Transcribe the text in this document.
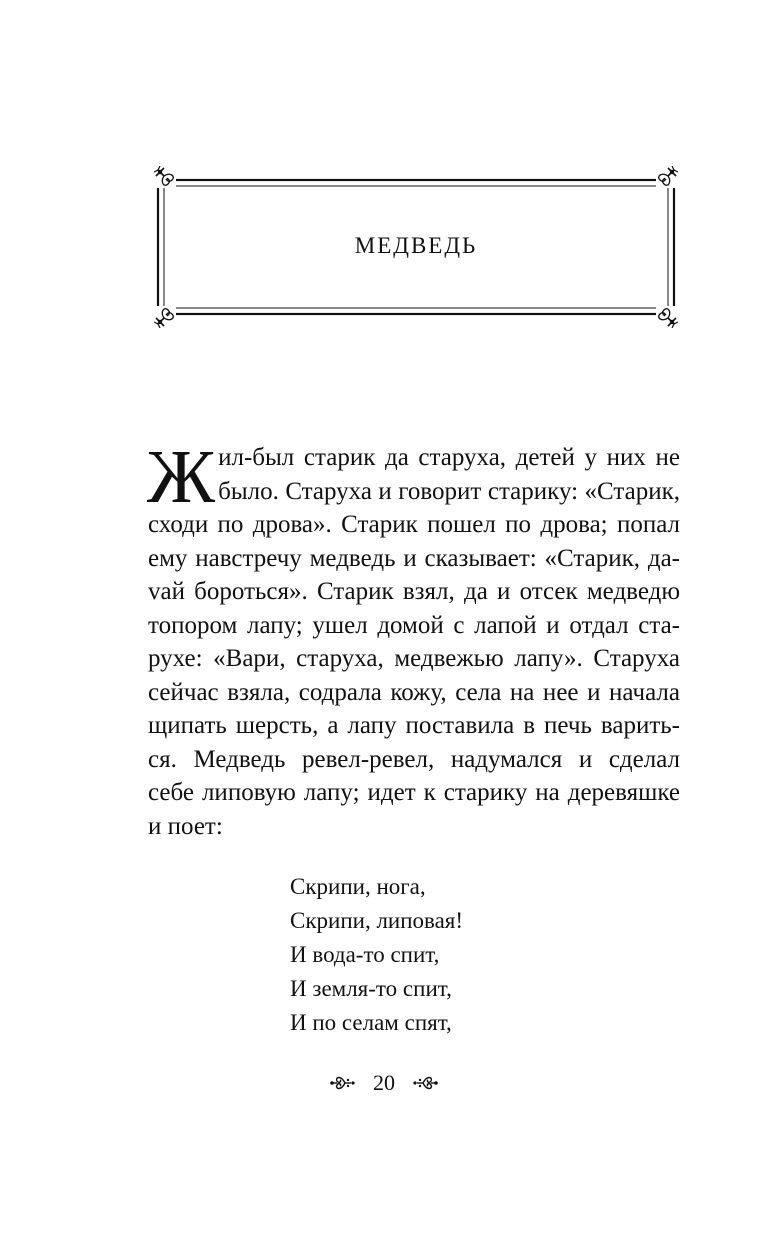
МЕДВЕДЬ

Жил-был старик да старуха, детей у них не было. Старуха и говорит старику: «Старик, сходи по дрова». Старик пошел по дрова; попал ему навстречу медведь и сказывает: «Старик, даvай бороться». Старик взял, да и отсек медведю топором лапу; ушел домой с лапой и отдал старухе: «Вари, старуха, медвежью лапу». Старуха сейчас взяла, содрала кожу, села на нее и начала щипать шерсть, а лапу поставила в печь вариться. Медведь ревел-ревел, надумался и сделал себе липовую лапу; идет к старику на деревяшке и поет:

Скрипи, нога,
Скрипи, липовая!
И вода-то спит,
И земля-то спит,
И по селам спят,
20
